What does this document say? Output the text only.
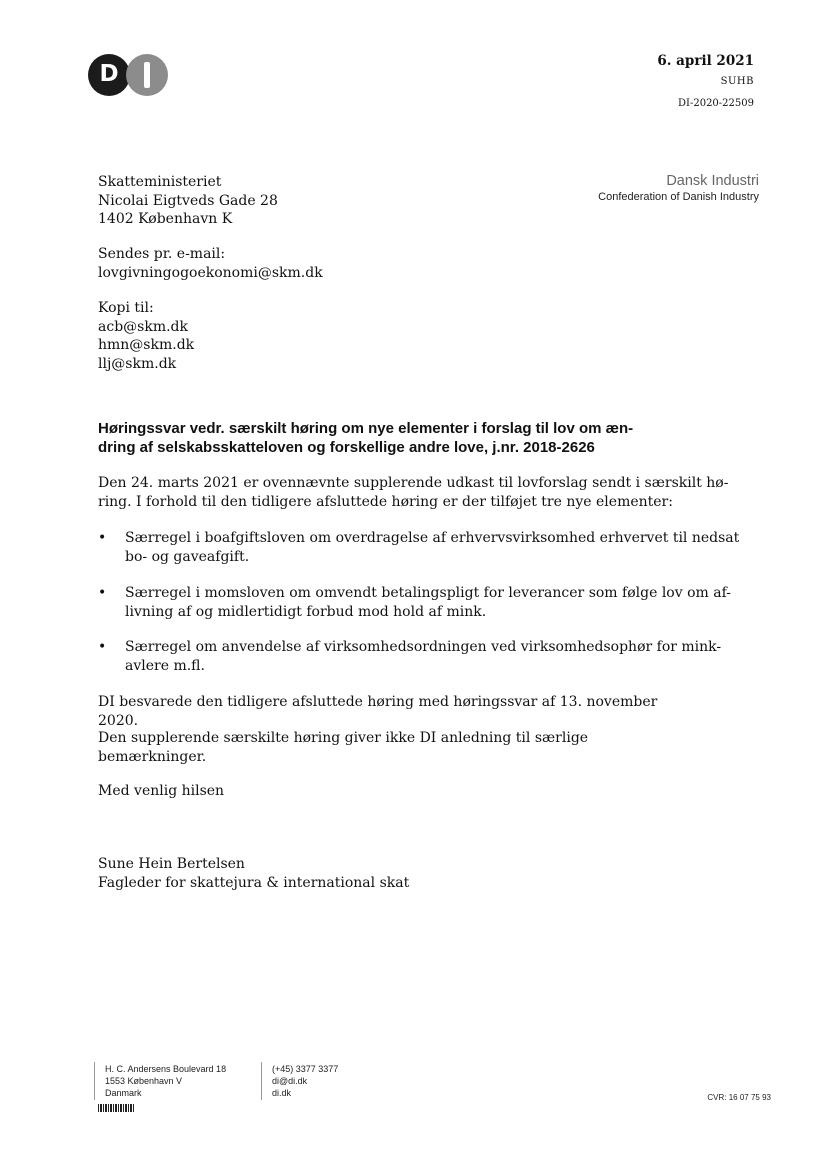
D	6. april 2021
SUHB
DI-2020-22509
Dansk Industri
Confederation of Danish Industry
Skatteministeriet
Nicolai Eigtveds Gade 28
1402 København K
Sendes pr. e-mail:
lovgivningogoekonomi@skm.dk
Kopi til:
acb@skm.dk
hmn@skm.dk
llj@skm.dk
Høringssvar vedr. særskilt høring om nye elementer i forslag til lov om æn-
dring af selskabsskatteloven og forskellige andre love, j.nr. 2018-2626
Den 24. marts 2021 er ovennævnte supplerende udkast til lovforslag sendt i særskilt hø-
ring. I forhold til den tidligere afsluttede høring er der tilføjet tre nye elementer:
• Særregel i boafgiftsloven om overdragelse af erhvervsvirksomhed erhvervet til nedsat
bo- og gaveafgift.
• Særregel i momsloven om omvendt betalingspligt for leverancer som følge lov om af-
livning af og midlertidigt forbud mod hold af mink.
• Særregel om anvendelse af virksomhedsordningen ved virksomhedsophør for mink-
avlere m.fl.
DI besvarede den tidligere afsluttede høring med høringssvar af 13. november 2020.
Den supplerende særskilte høring giver ikke DI anledning til særlige bemærkninger.
Med venlig hilsen
Sune Hein Bertelsen
Fagleder for skattejura & international skat
H. C. Andersens Boulevard 18
1553 København V
Danmark
(+45) 3377 3377
di@di.dk
di.dk	CVR: 16 07 75 93
